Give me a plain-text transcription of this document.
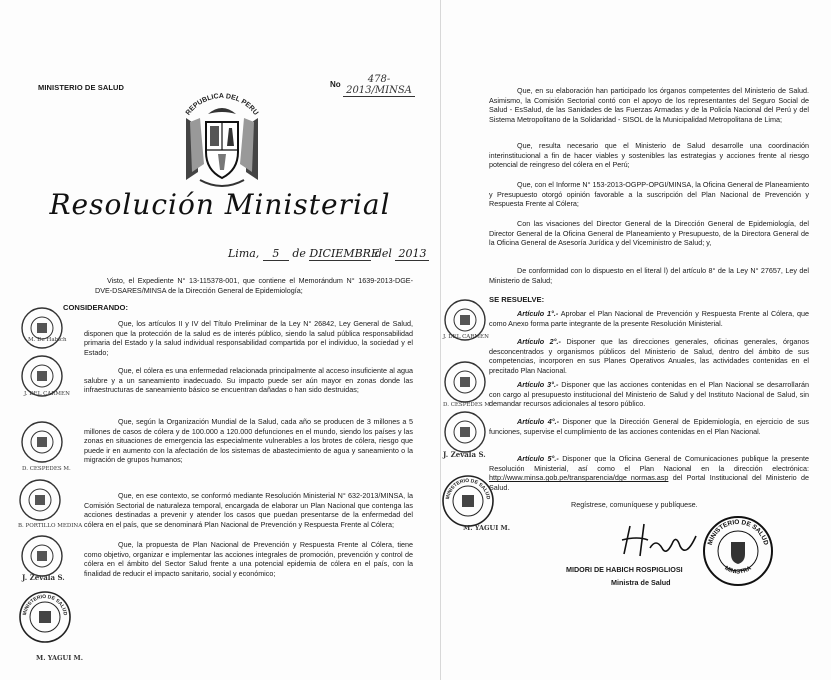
MINISTERIO DE SALUD	No	478-2013/MINSA
REPUBLICA DEL PERU
Resolución Ministerial
Lima, 5 de DICIEMBRE del 2013
Visto, el Expediente N° 13-115378-001, que contiene el Memorándum N° 1639-2013-DGE-DVE-DSARES/MINSA de la Dirección General de Epidemiología;
CONSIDERANDO:
Que, los artículos II y IV del Título Preliminar de la Ley N° 26842, Ley General de Salud, disponen que la protección de la salud es de interés público, siendo la salud pública responsabilidad primaria del Estado y la salud individual responsabilidad compartida por el individuo, la sociedad y el Estado;
Que, el cólera es una enfermedad relacionada principalmente al acceso insuficiente al agua salubre y a un saneamiento inadecuado. Su impacto puede ser aún mayor en zonas donde las infraestructuras de saneamiento básico se encuentran dañadas o han sido destruidas;
Que, según la Organización Mundial de la Salud, cada año se producen de 3 millones a 5 millones de casos de cólera y de 100.000 a 120.000 defunciones en el mundo, siendo los países y las zonas en situaciones de emergencia las especialmente vulnerables a los brotes de cólera, riesgo que puede ir en aumento con la afectación de los sistemas de abastecimiento de agua y saneamiento o la migración de grupos humanos;
Que, en ese contexto, se conformó mediante Resolución Ministerial N° 632-2013/MINSA, la Comisión Sectorial de naturaleza temporal, encargada de elaborar un Plan Nacional que contenga las acciones destinadas a prevenir y atender los casos que puedan presentarse de la enfermedad del cólera en el país, que se denominará Plan Nacional de Prevención y Respuesta Frente al Cólera;
Que, la propuesta de Plan Nacional de Prevención y Respuesta Frente al Cólera, tiene como objetivo, organizar e implementar las acciones integrales de promoción, prevención y control de cólera en el ámbito del Sector Salud frente a una potencial epidemia de cólera en el país, con la finalidad de reducir el impacto sanitario, social y económico;
M. De Habich
J. DEL CARMEN
D. CESPEDES M.
B. PORTILLO MEDINA
J. Zevala S.
MINISTERIO DE SALUD
M. YAGUI M.
Que, en su elaboración han participado los órganos competentes del Ministerio de Salud. Asimismo, la Comisión Sectorial contó con el apoyo de los representantes del Seguro Social de Salud - EsSalud, de las Sanidades de las Fuerzas Armadas y de la Policía Nacional del Perú y del Sistema Metropolitano de la Solidaridad - SISOL de la Municipalidad Metropolitana de Lima;
Que, resulta necesario que el Ministerio de Salud desarrolle una coordinación interinstitucional a fin de hacer viables y sostenibles las estrategias y acciones frente al riesgo potencial de reingreso del cólera en el Perú;
Que, con el Informe N° 153-2013-OGPP-OPGI/MINSA, la Oficina General de Planeamiento y Presupuesto otorgó opinión favorable a la suscripción del Plan Nacional de Prevención y Respuesta Frente al Cólera;
Con las visaciones del Director General de la Dirección General de Epidemiología, del Director General de la Oficina General de Planeamiento y Presupuesto, de la Directora General de la Oficina General de Asesoría Jurídica y del Viceministro de Salud; y,
De conformidad con lo dispuesto en el literal l) del artículo 8° de la Ley N° 27657, Ley del Ministerio de Salud;
SE RESUELVE:
Artículo 1°.- Aprobar el Plan Nacional de Prevención y Respuesta Frente al Cólera, que como Anexo forma parte integrante de la presente Resolución Ministerial.
Artículo 2°.- Disponer que las direcciones generales, oficinas generales, órganos desconcentrados y organismos públicos del Ministerio de Salud, dentro del ámbito de sus competencias, incorporen en sus Planes Operativos Anuales, las actividades contenidas en el precitado Plan Nacional.
Artículo 3°.- Disponer que las acciones contenidas en el Plan Nacional se desarrollarán con cargo al presupuesto institucional del Ministerio de Salud y del Instituto Nacional de Salud, sin demandar recursos adicionales al tesoro público.
Artículo 4°.- Disponer que la Dirección General de Epidemiología, en ejercicio de sus funciones, supervise el cumplimiento de las acciones contenidas en el Plan Nacional.
Artículo 5°.- Disponer que la Oficina General de Comunicaciones publique la presente Resolución Ministerial, así como el Plan Nacional en la dirección electrónica: http://www.minsa.gob.pe/transparencia/dge_normas.asp del Portal Institucional del Ministerio de Salud.
Regístrese, comuníquese y publíquese.
MINISTERIO DE SALUD
MINISTRA
MIDORI DE HABICH ROSPIGLIOSI
Ministra de Salud
J. DEL CARMEN
D. CESPEDES M.
J. Zevala S.
MINISTERIO DE SALUD
M. YAGUI M.
